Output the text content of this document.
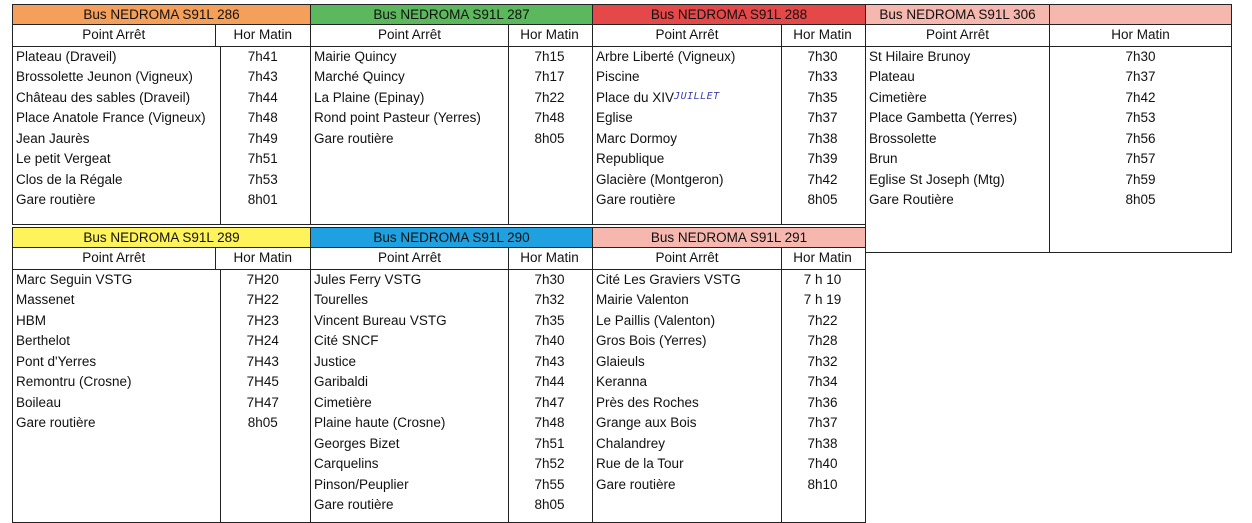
Bus NEDROMA S91L 286
Point Arrêt	Hor Matin
Plateau (Draveil)	7h41
Brossolette Jeunon (Vigneux)	7h43
Château des sables (Draveil)	7h44
Place Anatole France (Vigneux)	7h48
Jean Jaurès	7h49
Le petit Vergeat	7h51
Clos de la Régale	7h53
Gare routière	8h01
Bus NEDROMA S91L 287
Point Arrêt	Hor Matin
Mairie Quincy	7h15
Marché Quincy	7h17
La Plaine (Epinay)	7h22
Rond point Pasteur (Yerres)	7h48
Gare routière	8h05
Bus NEDROMA S91L 288
Point Arrêt	Hor Matin
Arbre Liberté (Vigneux)	7h30
Piscine	7h33
Place du $XIV^{JUILLET}$	7h35
Eglise	7h37
Marc Dormoy	7h38
Republique	7h39
Glacière (Montgeron)	7h42
Gare routière	8h05
Bus NEDROMA S91L 306
Point Arrêt	Hor Matin
St Hilaire Brunoy	7h30
Plateau	7h37
Cimetière	7h42
Place Gambetta (Yerres)	7h53
Brossolette	7h56
Brun	7h57
Eglise St Joseph (Mtg)	7h59
Gare Routière	8h05
Bus NEDROMA S91L 289
Point Arrêt	Hor Matin
Marc Seguin VSTG	7H20
Massenet	7H22
HBM	7H23
Berthelot	7H24
Pont d'Yerres	7H43
Remontru (Crosne)	7H45
Boileau	7H47
Gare routière	8h05
Bus NEDROMA S91L 290
Point Arrêt	Hor Matin
Jules Ferry VSTG	7h30
Tourelles	7h32
Vincent Bureau VSTG	7h35
Cité SNCF	7h40
Justice	7h43
Garibaldi	7h44
Cimetière	7h47
Plaine haute (Crosne)	7h48
Georges Bizet	7h51
Carquelins	7h52
Pinson/Peuplier	7h55
Gare routière	8h05
Bus NEDROMA S91L 291
Point Arrêt	Hor Matin
Cité Les Graviers VSTG	7 h 10
Mairie Valenton	7 h 19
Le Paillis (Valenton)	7h22
Gros Bois (Yerres)	7h28
Glaieuls	7h32
Keranna	7h34
Près des Roches	7h36
Grange aux Bois	7h37
Chalandrey	7h38
Rue de la Tour	7h40
Gare routière	8h10
